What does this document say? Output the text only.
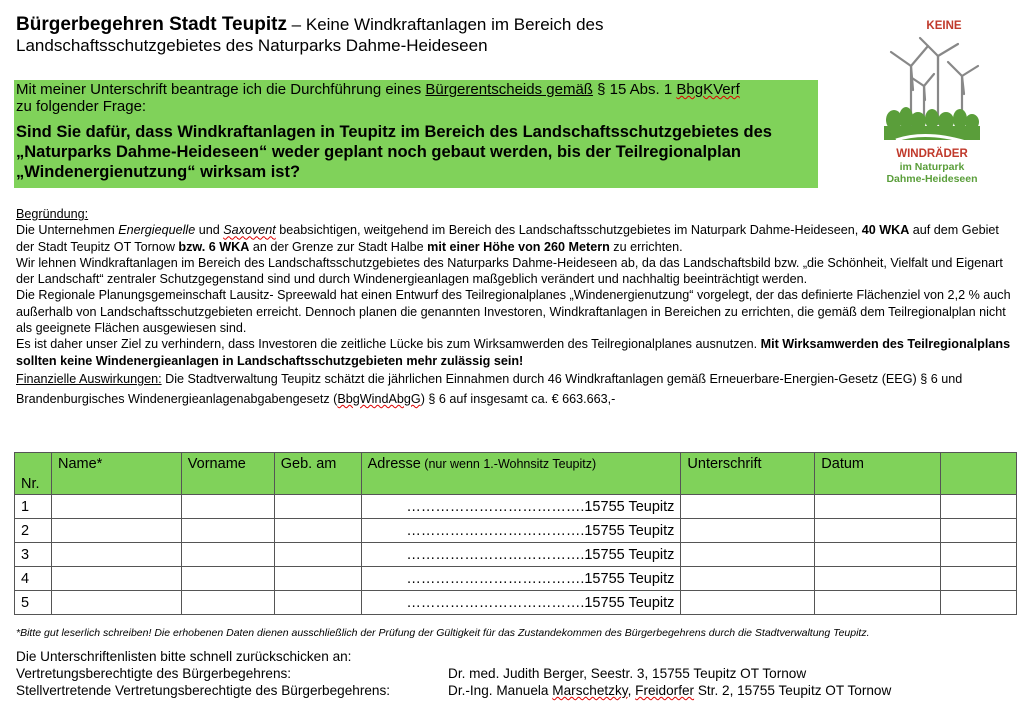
Bürgerbegehren Stadt Teupitz – Keine Windkraftanlagen im Bereich des
Landschaftsschutzgebietes des Naturparks Dahme-Heideseen
KEINE
WINDRÄDER
im Naturpark
Dahme-Heideseen
Mit meiner Unterschrift beantrage ich die Durchführung eines Bürgerentscheids gemäß § 15 Abs. 1 BbgKVerf
zu folgender Frage:
Sind Sie dafür, dass Windkraftanlagen in Teupitz im Bereich des Landschaftsschutzgebietes des „Naturparks Dahme-Heideseen“ weder geplant noch gebaut werden, bis der Teilregionalplan „Windenergienutzung“ wirksam ist?

Begründung:

Die Unternehmen Energiequelle und Saxovent beabsichtigen, weitgehend im Bereich des Landschaftsschutzgebietes im Naturpark Dahme-Heideseen, 40 WKA auf dem Gebiet der Stadt Teupitz OT Tornow bzw. 6 WKA an der Grenze zur Stadt Halbe mit einer Höhe von 260 Metern zu errichten.

Wir lehnen Windkraftanlagen im Bereich des Landschaftsschutzgebietes des Naturparks Dahme-Heideseen ab, da das Landschaftsbild bzw. „die Schönheit, Vielfalt und Eigenart der Landschaft“ zentraler Schutzgegenstand sind und durch Windenergieanlagen maßgeblich verändert und nachhaltig beeinträchtigt werden.

Die Regionale Planungsgemeinschaft Lausitz- Spreewald hat einen Entwurf des Teilregionalplanes „Windenergienutzung“ vorgelegt, der das definierte Flächenziel von 2,2 % auch außerhalb von Landschaftsschutzgebieten erreicht. Dennoch planen die genannten Investoren, Windkraftanlagen in Bereichen zu errichten, die gemäß dem Teilregionalplan nicht als geeignete Flächen ausgewiesen sind.

Es ist daher unser Ziel zu verhindern, dass Investoren die zeitliche Lücke bis zum Wirksamwerden des Teilregionalplanes ausnutzen. Mit Wirksamwerden des Teilregionalplans sollten keine Windenergieanlagen in Landschaftsschutzgebieten mehr zulässig sein!

Finanzielle Auswirkungen: Die Stadtverwaltung Teupitz schätzt die jährlichen Einnahmen durch 46 Windkraftanlagen gemäß Erneuerbare-Energien-Gesetz (EEG) § 6 und Brandenburgisches Windenergieanlagenabgabengesetz (BbgWindAbgG) § 6 auf insgesamt ca. € 663.663,-

Nr.	Name*	Vorname	Geb. am	Adresse (nur wenn 1.-Wohnsitz Teupitz)	Unterschrift	Datum	
1				……………………………….15755 Teupitz			
2				……………………………….15755 Teupitz			
3				……………………………….15755 Teupitz			
4				……………………………….15755 Teupitz			
5				……………………………….15755 Teupitz			
*Bitte gut leserlich schreiben! Die erhobenen Daten dienen ausschließlich der Prüfung der Gültigkeit für das Zustandekommen des Bürgerbegehrens durch die Stadtverwaltung Teupitz.
Die Unterschriftenlisten bitte schnell zurückschicken an:
Vertretungsberechtigte des Bürgerbegehrens:	Dr. med. Judith Berger, Seestr. 3, 15755 Teupitz OT Tornow
Stellvertretende Vertretungsberechtigte des Bürgerbegehrens:	Dr.-Ing. Manuela Marschetzky, Freidorfer Str. 2, 15755 Teupitz OT Tornow
